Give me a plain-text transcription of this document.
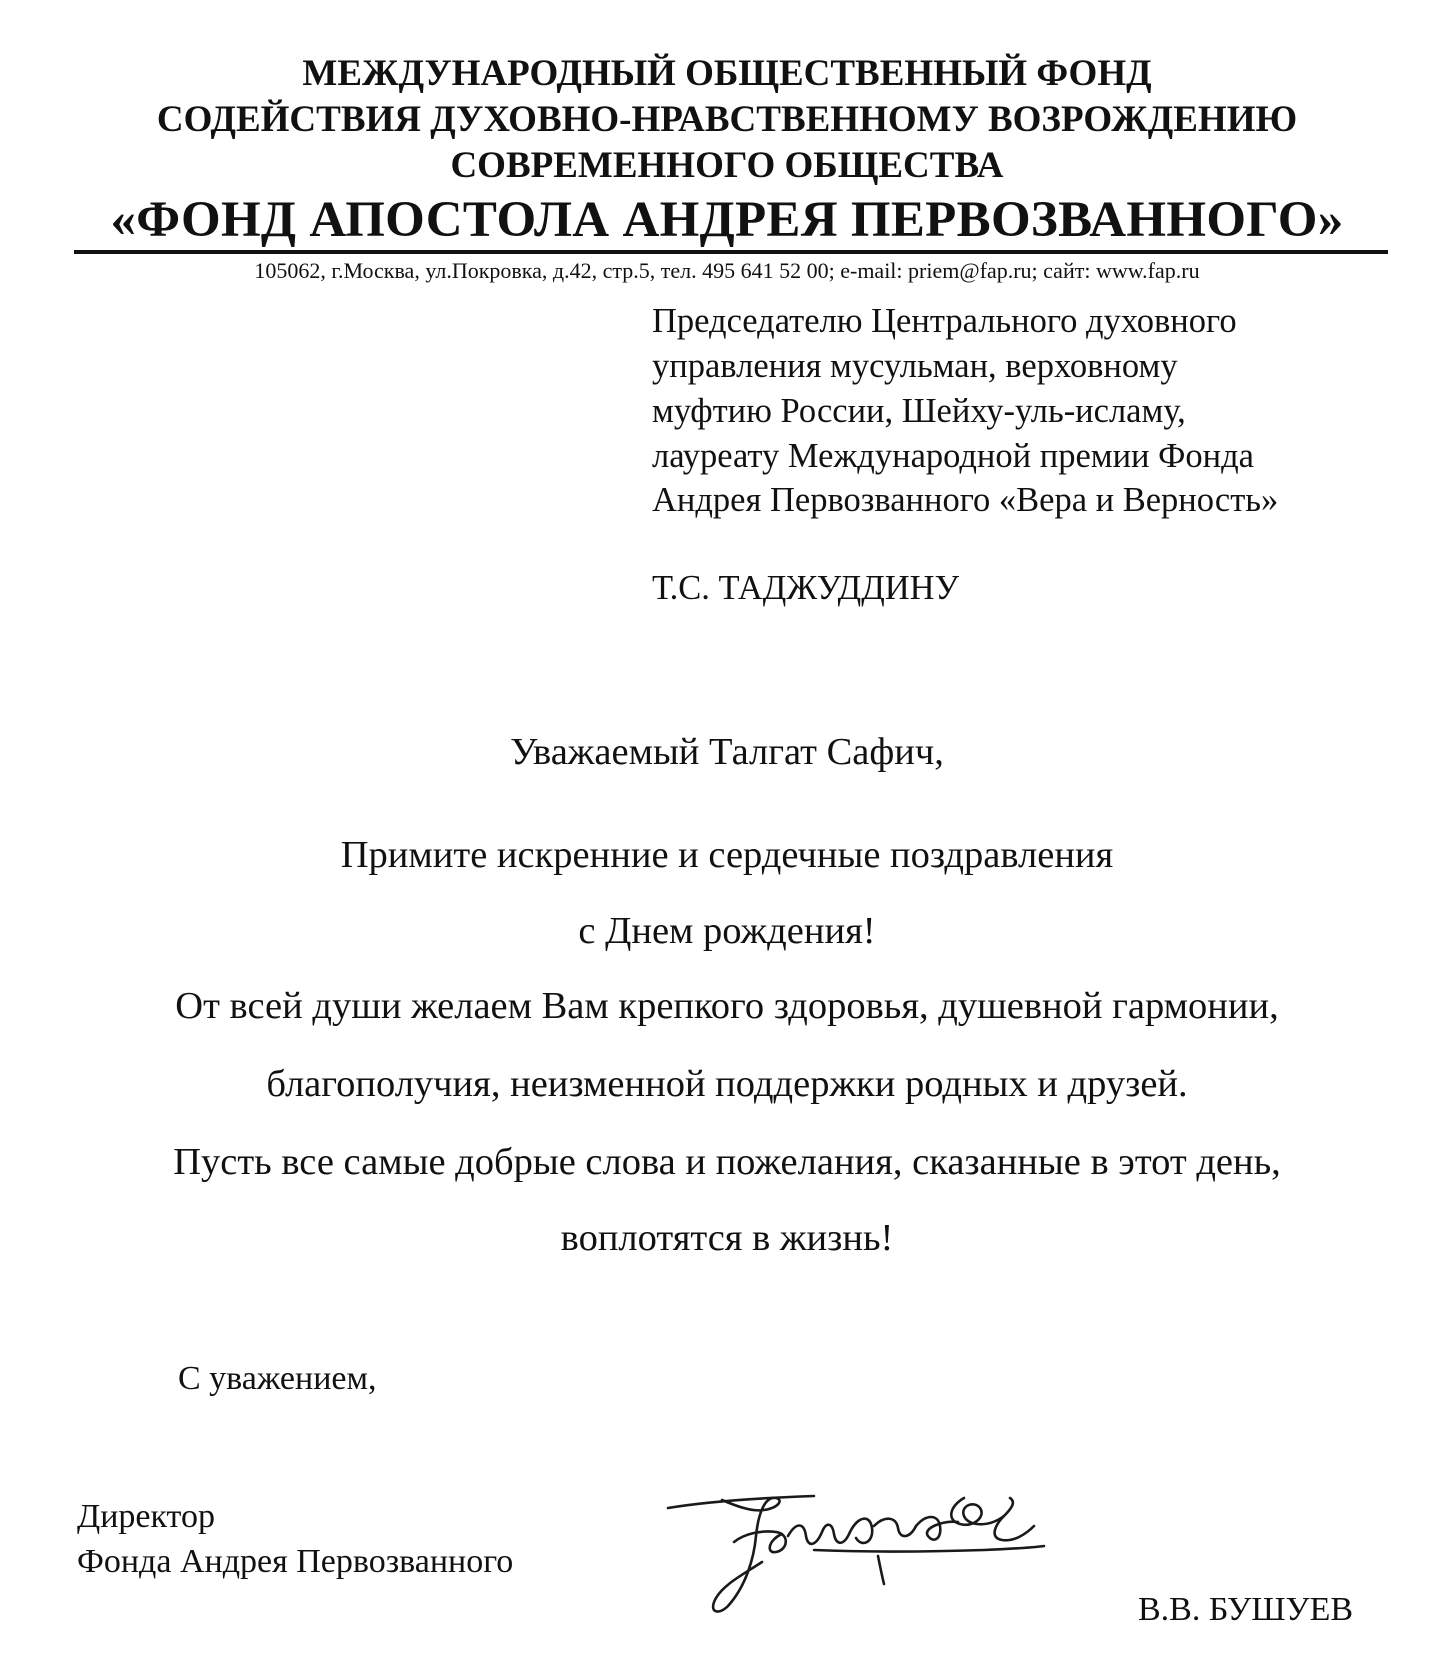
МЕЖДУНАРОДНЫЙ ОБЩЕСТВЕННЫЙ ФОНД
СОДЕЙСТВИЯ ДУХОВНО-НРАВСТВЕННОМУ ВОЗРОЖДЕНИЮ
СОВРЕМЕННОГО ОБЩЕСТВА
«ФОНД АПОСТОЛА АНДРЕЯ ПЕРВОЗВАННОГО»
105062, г.Москва, ул.Покровка, д.42, стр.5, тел. 495 641 52 00; e-mail: priem@fap.ru; сайт: www.fap.ru
Председателю Центрального духовного
управления мусульман, верховному
муфтию России, Шейху-уль-исламу,
лауреату Международной премии Фонда
Андрея Первозванного «Вера и Верность»
Т.С. ТАДЖУДДИНУ
Уважаемый Талгат Сафич,
Примите искренние и сердечные поздравления
с Днем рождения!
От всей души желаем Вам крепкого здоровья, душевной гармонии,
благополучия, неизменной поддержки родных и друзей.
Пусть все самые добрые слова и пожелания, сказанные в этот день,
воплотятся в жизнь!
С уважением,
Директор
Фонда Андрея Первозванного
В.В. БУШУЕВ
